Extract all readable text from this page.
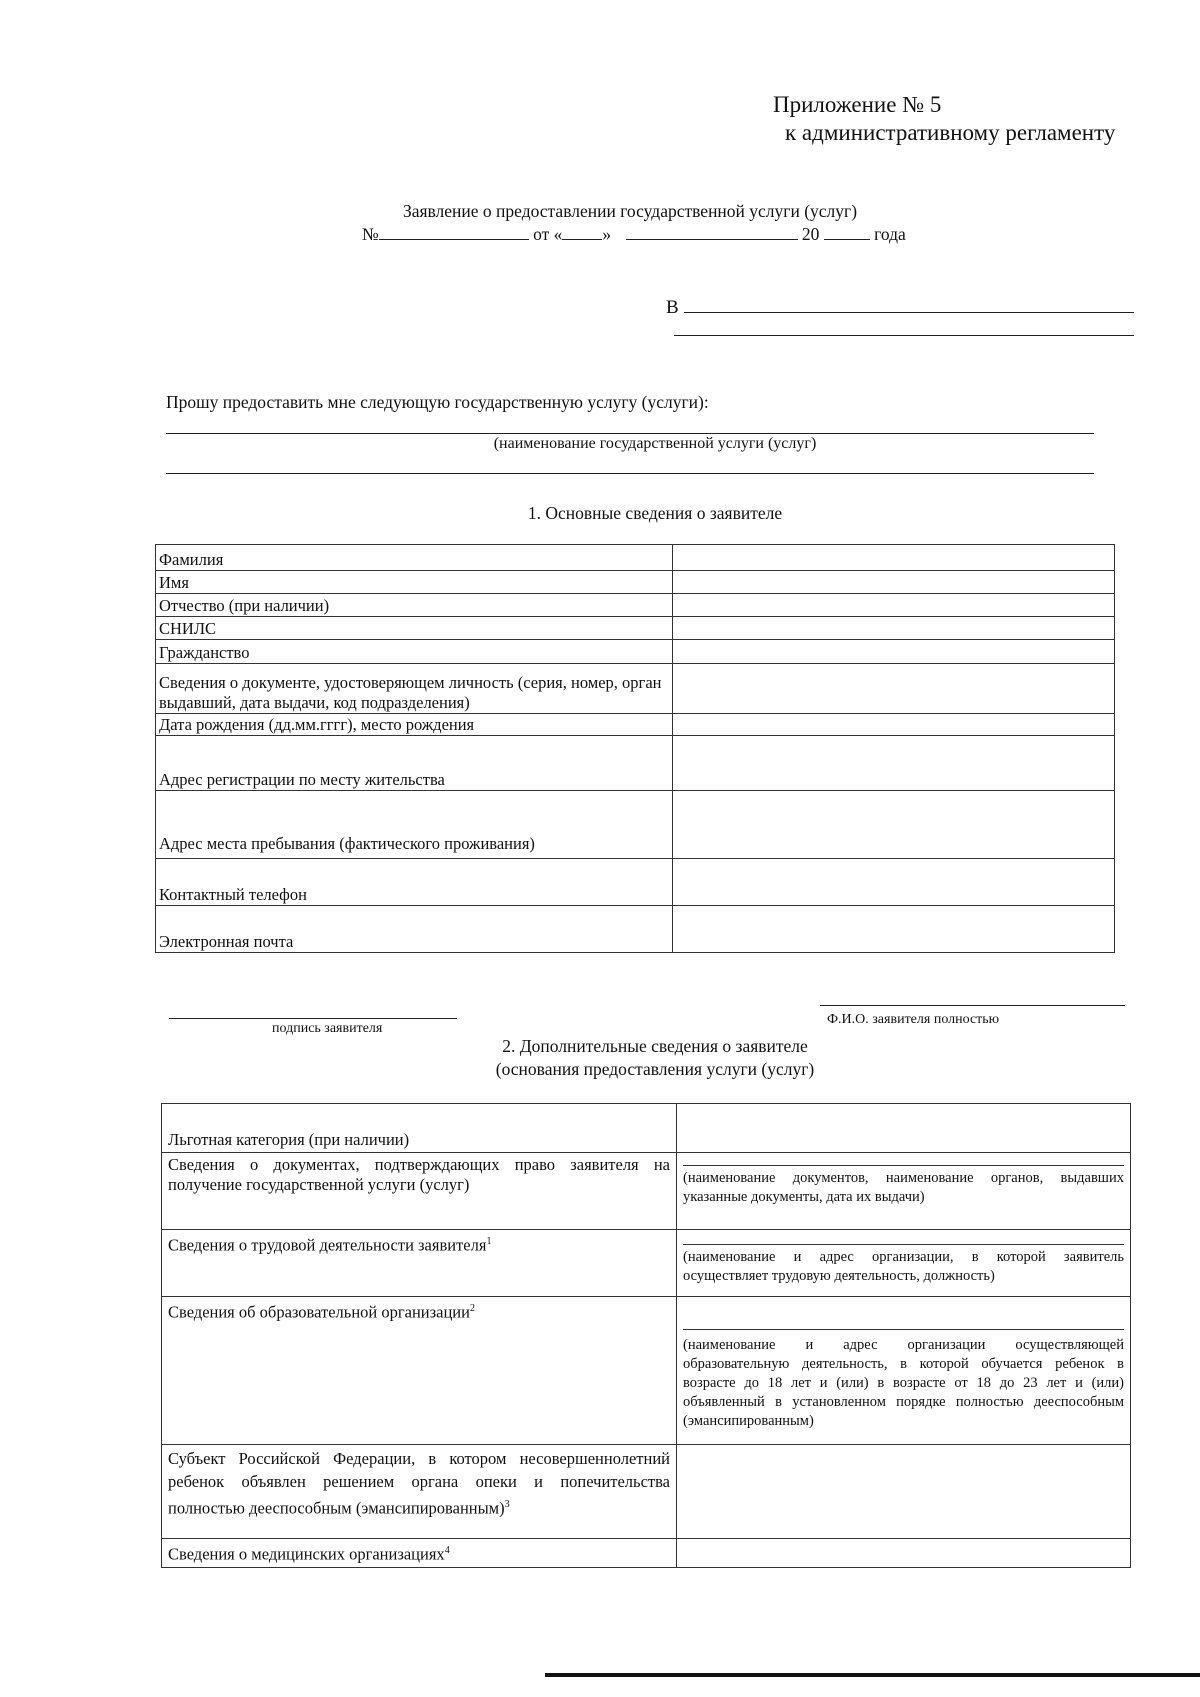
Приложение № 5
к административному регламенту
Заявление о предоставлении государственной услуги (услуг)
№	от « »	20	года
В
Прошу предоставить мне следующую государственную услугу (услуги):
(наименование государственной услуги (услуг)
1. Основные сведения о заявителе
Фамилия	
Имя	
Отчество (при наличии)	
СНИЛС	
Гражданство	
Сведения о документе, удостоверяющем личность (серия, номер, орган выдавший, дата выдачи, код подразделения)	
Дата рождения (дд.мм.гггг), место рождения	
Адрес регистрации по месту жительства	
Адрес места пребывания (фактического проживания)	
Контактный телефон	
Электронная почта	
подпись заявителя
Ф.И.О. заявителя полностью
2. Дополнительные сведения о заявителе
(основания предоставления услуги (услуг)
Льготная категория (при наличии)	
Сведения о документах, подтверждающих право заявителя на получение государственной услуги (услуг)	(наименование документов, наименование органов, выдавших указанные документы, дата их выдачи)

Сведения о трудовой деятельности заявителя$^1$	(наименование и адрес организации, в которой заявитель осуществляет трудовую деятельность, должность)

Сведения об образовательной организации$^2$	(наименование и адрес организации осуществляющей образовательную деятельность, в которой обучается ребенок в возрасте до 18 лет и (или) в возрасте от 18 до 23 лет и (или) объявленный в установленном порядке полностью дееспособным (эмансипированным)

Субъект Российской Федерации, в котором несовершеннолетний ребенок объявлен решением органа опеки и попечительства полностью дееспособным (эмансипированным)$^3$	
Сведения о медицинских организациях$^4$	
